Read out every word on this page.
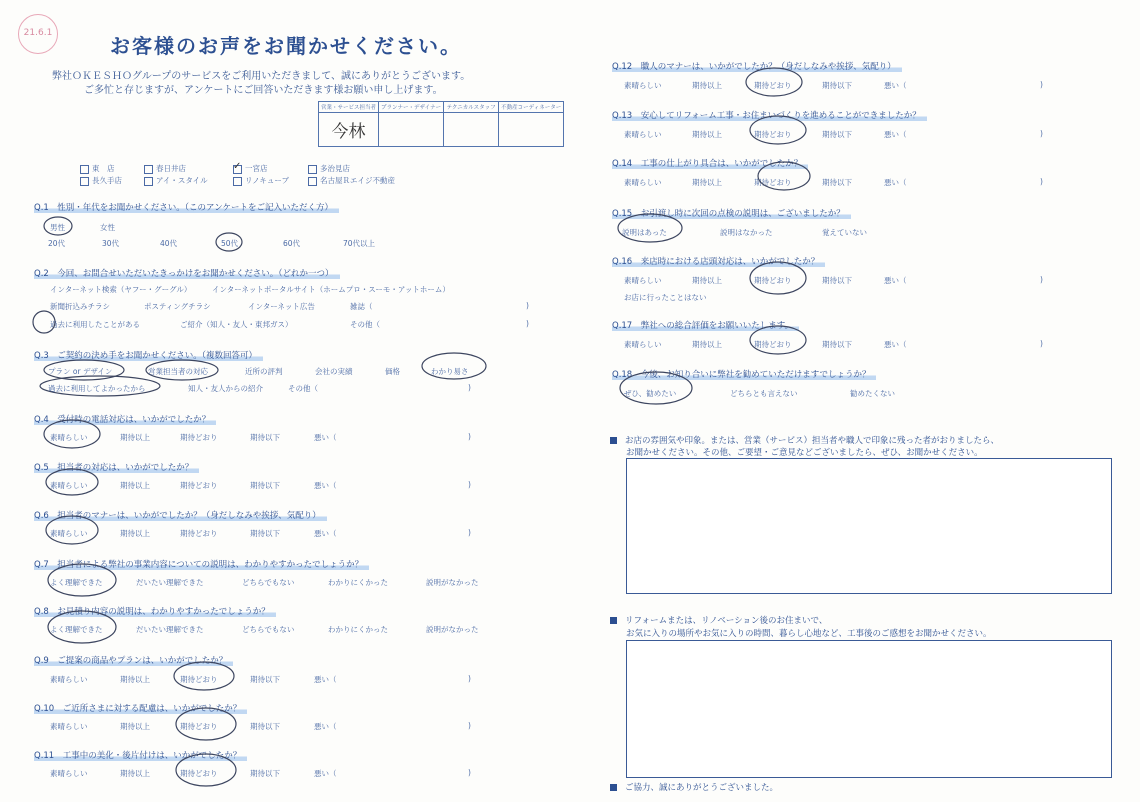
21.6.1
お客様のお声をお聞かせください。
弊社ＯＫＥＳＨＯグループのサービスをご利用いただきまして、誠にありがとうございます。
ご多忙と存じますが、アンケートにご回答いただきます様お願い申し上げます。
営業・サービス担当者	プランナー・デザイナー	テクニカルスタッフ	不動産コーディネーター
今林			
東　店	春日井店 ✓	一宮店	多治見店
長久手店	アイ・スタイル	リノキューブ	名古屋Ｒエイジ不動産
Q.1　性別・年代をお聞かせください。（このアンケートをご記入いただく方）
男性	女性
20代	30代	40代	50代	60代	70代以上
Q.2　今回、お問合せいただいたきっかけをお聞かせください。（どれか一つ）
インターネット検索（ヤフー・グーグル）	インターネットポータルサイト（ホームプロ・スーモ・アットホーム）
新聞折込みチラシ	ポスティングチラシ	インターネット広告	雑誌（	)
過去に利用したことがある	ご紹介（知人・友人・東邦ガス）	その他（	)
Q.3　ご契約の決め手をお聞かせください。（複数回答可）
プラン or デザイン	営業担当者の対応	近所の評判	会社の実績	価格	わかり易さ
過去に利用してよかったから	知人・友人からの紹介	その他（	)
Q.4　受付時の電話対応は、いかがでしたか？
素晴らしい	期待以上	期待どおり	期待以下	悪い（	)
Q.5　担当者の対応は、いかがでしたか？
素晴らしい	期待以上	期待どおり	期待以下	悪い（	)
Q.6　担当者のマナーは、いかがでしたか？（身だしなみや挨拶、気配り）
素晴らしい	期待以上	期待どおり	期待以下	悪い（	)
Q.7　担当者による弊社の事業内容についての説明は、わかりやすかったでしょうか？
よく理解できた	だいたい理解できた	どちらでもない	わかりにくかった	説明がなかった
Q.8　お見積り内容の説明は、わかりやすかったでしょうか？
よく理解できた	だいたい理解できた	どちらでもない	わかりにくかった	説明がなかった
Q.9　ご提案の商品やプランは、いかがでしたか？
素晴らしい	期待以上	期待どおり	期待以下	悪い（	)
Q.10　ご近所さまに対する配慮は、いかがでしたか？
素晴らしい	期待以上	期待どおり	期待以下	悪い（	)
Q.11　工事中の美化・後片付けは、いかがでしたか？
素晴らしい	期待以上	期待どおり	期待以下	悪い（	)
Q.12　職人のマナーは、いかがでしたか？（身だしなみや挨拶、気配り）
素晴らしい	期待以上	期待どおり	期待以下	悪い（	)
Q.13　安心してリフォーム工事・お住まいづくりを進めることができましたか？
素晴らしい	期待以上	期待どおり	期待以下	悪い（	)
Q.14　工事の仕上がり具合は、いかがでしたか？
素晴らしい	期待以上	期待どおり	期待以下	悪い（	)
Q.15　お引渡し時に次回の点検の説明は、ございましたか？
説明はあった	説明はなかった	覚えていない
Q.16　来店時における店頭対応は、いかがでしたか？
素晴らしい	期待以上	期待どおり	期待以下	悪い（	)
お店に行ったことはない
Q.17　弊社への総合評価をお願いいたします。
素晴らしい	期待以上	期待どおり	期待以下	悪い（	)
Q.18　今後、お知り合いに弊社を勧めていただけますでしょうか？
ぜひ、勧めたい	どちらとも言えない	勧めたくない
お店の雰囲気や印象。または、営業（サービス）担当者や職人で印象に残った者がおりましたら、
お聞かせください。その他、ご要望・ご意見などございましたら、ぜひ、お聞かせください。
リフォームまたは、リノベーション後のお住まいで、
お気に入りの場所やお気に入りの時間、暮らし心地など、工事後のご感想をお聞かせください。
ご協力、誠にありがとうございました。
